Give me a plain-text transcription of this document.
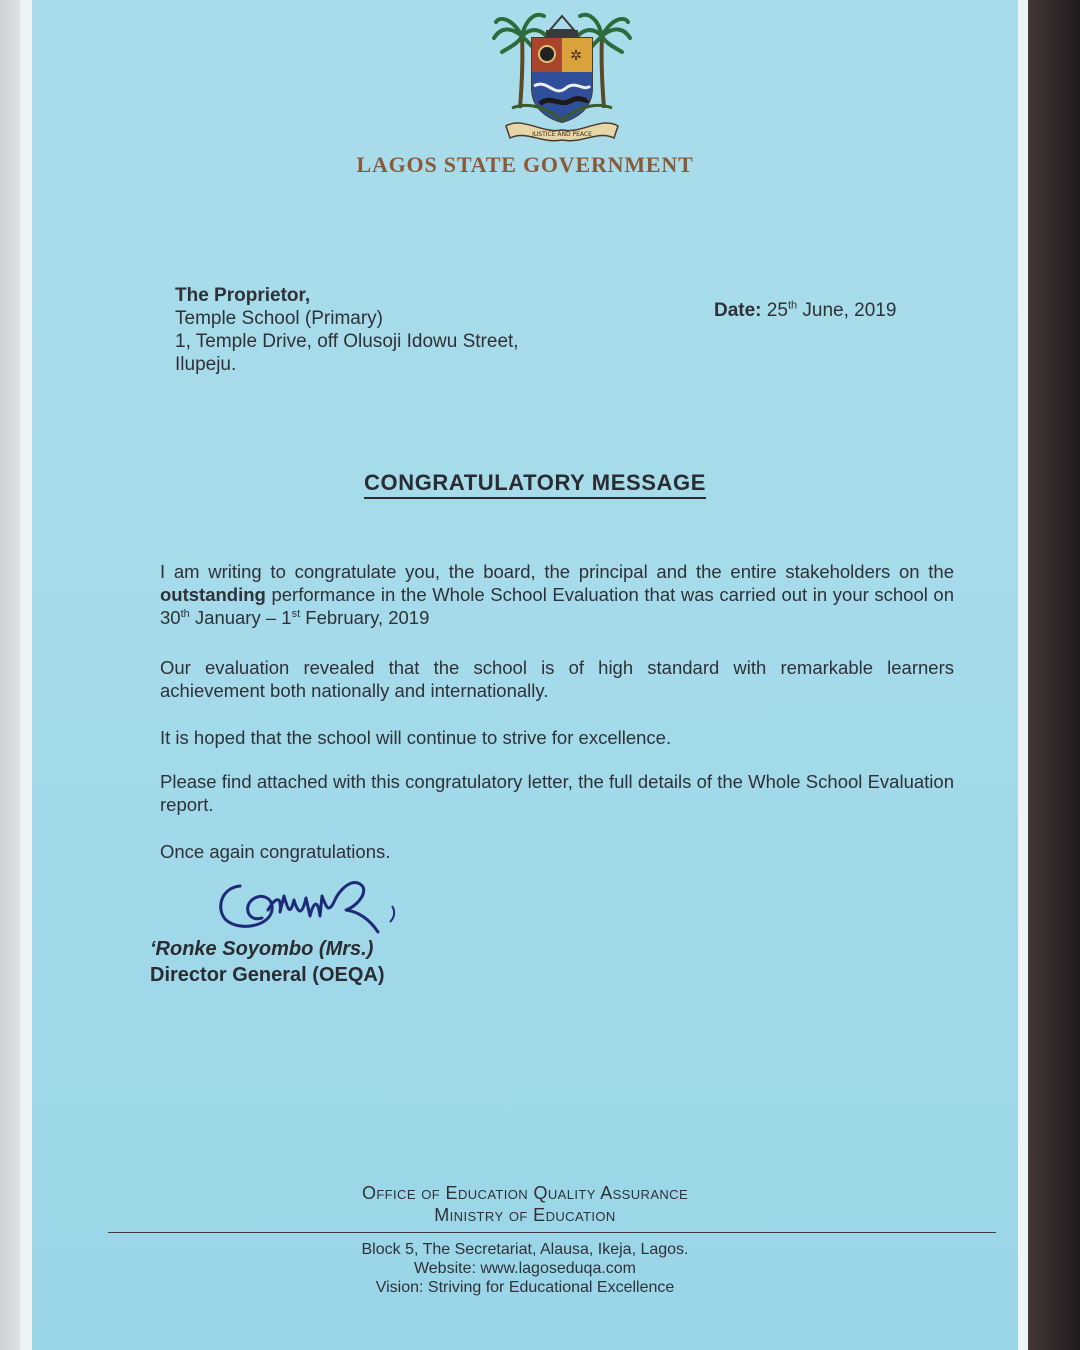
✲
JUSTICE AND PEACE
LAGOS STATE GOVERNMENT
The Proprietor,
Temple School (Primary)
1, Temple Drive, off Olusoji Idowu Street,
Ilupeju.
Date: 25th June, 2019
CONGRATULATORY MESSAGE

I am writing to congratulate you, the board, the principal and the entire stakeholders on the outstanding performance in the Whole School Evaluation that was carried out in your school on 30th January – 1st February, 2019

Our evaluation revealed that the school is of high standard with remarkable learners achievement both nationally and internationally.

It is hoped that the school will continue to strive for excellence.

Please find attached with this congratulatory letter, the full details of the Whole School Evaluation report.

Once again congratulations.

‘Ronke Soyombo (Mrs.)
Director General (OEQA)
Office of Education Quality Assurance
Ministry of Education
Block 5, The Secretariat, Alausa, Ikeja, Lagos.
Website: www.lagoseduqa.com
Vision: Striving for Educational Excellence
